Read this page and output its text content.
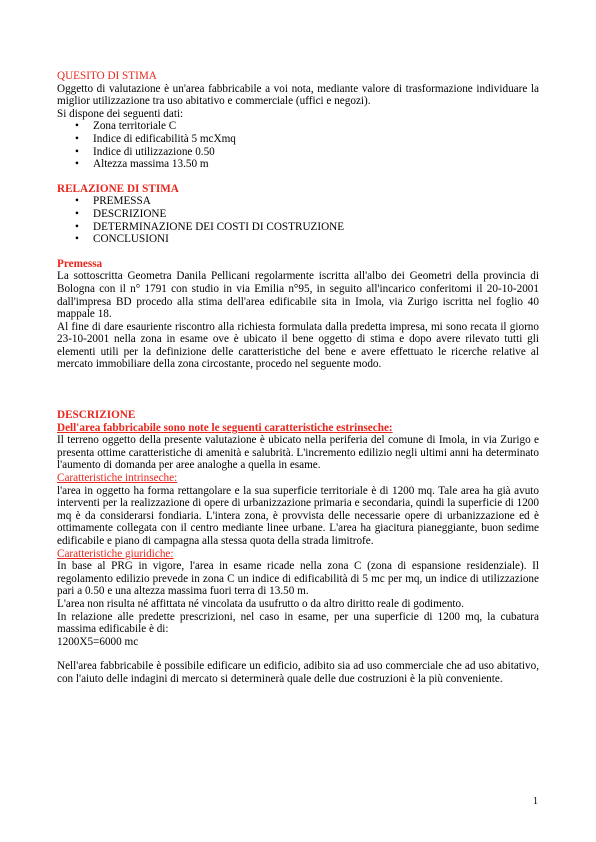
QUESITO DI STIMA

Oggetto di valutazione è un'area fabbricabile a voi nota, mediante valore di trasformazione individuare la miglior utilizzazione tra uso abitativo e commerciale (uffici e negozi).

Si dispone dei seguenti dati:
• Zona territoriale C
• Indice di edificabilità 5 mcXmq
• Indice di utilizzazione 0.50
• Altezza massima 13.50 m
RELAZIONE DI STIMA
• PREMESSA
• DESCRIZIONE
• DETERMINAZIONE DEI COSTI DI COSTRUZIONE
• CONCLUSIONI
Premessa

La sottoscritta Geometra Danila Pellicani regolarmente iscritta all'albo dei Geometri della provincia di Bologna con il n° 1791 con studio in via Emilia n°95, in seguito all'incarico conferitomi il 20-10-2001 dall'impresa BD procedo alla stima dell'area edificabile sita in Imola, via Zurigo iscritta nel foglio 40 mappale 18.

Al fine di dare esauriente riscontro alla richiesta formulata dalla predetta impresa, mi sono recata il giorno 23-10-2001 nella zona in esame ove è ubicato il bene oggetto di stima e dopo avere rilevato tutti gli elementi utili per la definizione delle caratteristiche del bene e avere effettuato le ricerche relative al mercato immobiliare della zona circostante, procedo nel seguente modo.

DESCRIZIONE
Dell'area fabbricabile sono note le seguenti caratteristiche estrinseche:

Il terreno oggetto della presente valutazione è ubicato nella periferia del comune di Imola, in via Zurigo e presenta ottime caratteristiche di amenità e salubrità. L'incremento edilizio negli ultimi anni ha determinato l'aumento di domanda per aree analoghe a quella in esame.

Caratteristiche intrinseche:

l'area in oggetto ha forma rettangolare e la sua superficie territoriale è di 1200 mq. Tale area ha già avuto interventi per la realizzazione di opere di urbanizzazione primaria e secondaria, quindi la superficie di 1200 mq è da considerarsi fondiaria. L'intera zona, è provvista delle necessarie opere di urbanizzazione ed è ottimamente collegata con il centro mediante linee urbane. L'area ha giacitura pianeggiante, buon sedime edificabile e piano di campagna alla stessa quota della strada limitrofe.

Caratteristiche giuridiche:

In base al PRG in vigore, l'area in esame ricade nella zona C (zona di espansione residenziale). Il regolamento edilizio prevede in zona C un indice di edificabilità di 5 mc per mq, un indice di utilizzazione pari a 0.50 e una altezza massima fuori terra di 13.50 m.

L'area non risulta né affittata né vincolata da usufrutto o da altro diritto reale di godimento.

In relazione alle predette prescrizioni, nel caso in esame, per una superficie di 1200 mq, la cubatura massima edificabile è di:

1200X5=6000 mc

Nell'area fabbricabile è possibile edificare un edificio, adibito sia ad uso commerciale che ad uso abitativo, con l'aiuto delle indagini di mercato si determinerà quale delle due costruzioni è la più conveniente.

1
